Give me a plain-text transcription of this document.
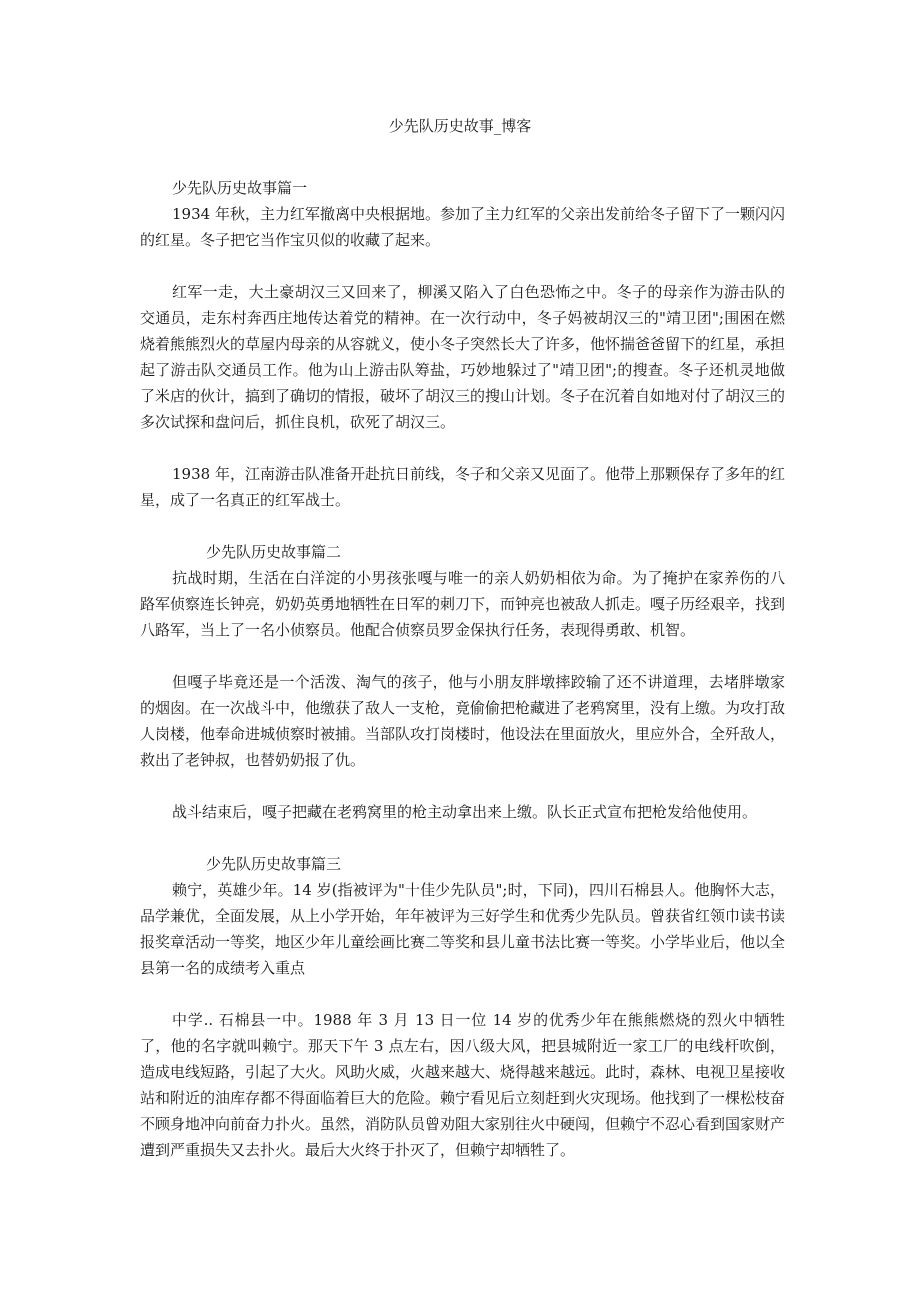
少先队历史故事_博客
少先队历史故事篇一

1934 年秋，主力红军撤离中央根据地。参加了主力红军的父亲出发前给冬子留下了一颗闪闪的红星。冬子把它当作宝贝似的收藏了起来。

红军一走，大土豪胡汉三又回来了，柳溪又陷入了白色恐怖之中。冬子的母亲作为游击队的交通员，走东村奔西庄地传达着党的精神。在一次行动中，冬子妈被胡汉三的"靖卫团";围困在燃烧着熊熊烈火的草屋内母亲的从容就义，使小冬子突然长大了许多，他怀揣爸爸留下的红星，承担起了游击队交通员工作。他为山上游击队筹盐，巧妙地躲过了"靖卫团";的搜查。冬子还机灵地做了米店的伙计，搞到了确切的情报，破坏了胡汉三的搜山计划。冬子在沉着自如地对付了胡汉三的多次试探和盘问后，抓住良机，砍死了胡汉三。

1938 年，江南游击队准备开赴抗日前线，冬子和父亲又见面了。他带上那颗保存了多年的红星，成了一名真正的红军战士。

少先队历史故事篇二

抗战时期，生活在白洋淀的小男孩张嘎与唯一的亲人奶奶相依为命。为了掩护在家养伤的八路军侦察连长钟亮，奶奶英勇地牺牲在日军的刺刀下，而钟亮也被敌人抓走。嘎子历经艰辛，找到八路军，当上了一名小侦察员。他配合侦察员罗金保执行任务，表现得勇敢、机智。

但嘎子毕竟还是一个活泼、淘气的孩子，他与小朋友胖墩摔跤输了还不讲道理，去堵胖墩家的烟囱。在一次战斗中，他缴获了敌人一支枪，竟偷偷把枪藏进了老鸦窝里，没有上缴。为攻打敌人岗楼，他奉命进城侦察时被捕。当部队攻打岗楼时，他设法在里面放火，里应外合，全歼敌人，救出了老钟叔，也替奶奶报了仇。

战斗结束后，嘎子把藏在老鸦窝里的枪主动拿出来上缴。队长正式宣布把枪发给他使用。

少先队历史故事篇三

赖宁，英雄少年。14 岁(指被评为"十佳少先队员";时，下同)，四川石棉县人。他胸怀大志，品学兼优，全面发展，从上小学开始，年年被评为三好学生和优秀少先队员。曾获省红领巾读书读报奖章活动一等奖，地区少年儿童绘画比赛二等奖和县儿童书法比赛一等奖。小学毕业后，他以全县第一名的成绩考入重点

中学.. 石棉县一中。1988 年 3 月 13 日一位 14 岁的优秀少年在熊熊燃烧的烈火中牺牲了，他的名字就叫赖宁。那天下午 3 点左右，因八级大风，把县城附近一家工厂的电线杆吹倒，造成电线短路，引起了大火。风助火威，火越来越大、烧得越来越远。此时，森林、电视卫星接收站和附近的油库存都不得面临着巨大的危险。赖宁看见后立刻赶到火灾现场。他找到了一棵松枝奋不顾身地冲向前奋力扑火。虽然，消防队员曾劝阻大家别往火中硬闯，但赖宁不忍心看到国家财产遭到严重损失又去扑火。最后大火终于扑灭了，但赖宁却牺牲了。
